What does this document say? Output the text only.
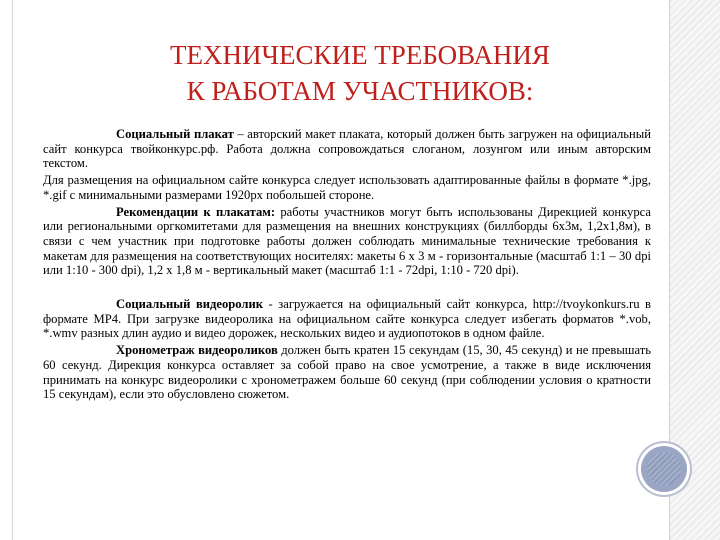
ТЕХНИЧЕСКИЕ ТРЕБОВАНИЯ
К РАБОТАМ УЧАСТНИКОВ:

Социальный плакат – авторский макет плаката, который должен быть загружен на официальный сайт конкурса твойконкурс.рф. Работа должна сопровождаться слоганом, лозунгом или иным авторским текстом.

Для размещения на официальном сайте конкурса следует использовать адаптированные файлы в формате *.jpg, *.gif с минимальными размерами 1920px побольшей стороне.

Рекомендации к плакатам: работы участников могут быть использованы Дирекцией конкурса или региональными оргкомитетами для размещения на внешних конструкциях (биллборды 6х3м, 1,2х1,8м), в связи с чем участник при подготовке работы должен соблюдать минимальные технические требования к макетам для размещения на соответствующих носителях: макеты 6 х 3 м - горизонтальные (масштаб 1:1 – 30 dpi или 1:10 - 300 dpi), 1,2 х 1,8 м - вертикальный макет (масштаб 1:1 - 72dpi, 1:10 - 720 dpi).

Социальный видеоролик - загружается на официальный сайт конкурса, http://tvoykonkurs.ru в формате МР4. При загрузке видеоролика на официальном сайте конкурса следует избегать форматов *.vob, *.wmv разных длин аудио и видео дорожек, нескольких видео и аудиопотоков в одном файле.

Хронометраж видеороликов должен быть кратен 15 секундам (15, 30, 45 секунд) и не превышать 60 секунд. Дирекция конкурса оставляет за собой право на свое усмотрение, а также в виде исключения принимать на конкурс видеоролики с хронометражем больше 60 секунд (при соблюдении условия о кратности 15 секундам), если это обусловлено сюжетом.
